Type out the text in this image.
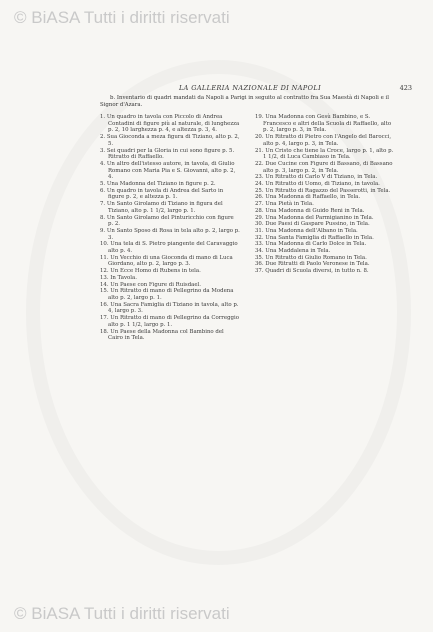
© BiASA Tutti i diritti riservati
LA GALLERIA NAZIONALE DI NAPOLI	423
b. Inventario di quadri mandati da Napoli a Parigi in seguito al contratto fra Sua Maestà di Napoli e il Signor d'Azara.
1. Un quadro in tavola con Piccolo di Andrea Contadini di figure più al naturale, di lunghezza p. 2, 10 larghezza p. 4, e altezza p. 3, 4.
2. Sua Gioconda a meza figura di Tiziano, alto p. 2, 5.
3. Sei quadri per la Gloria in cui sono figure p. 5. Ritratto di Raffaello.
4. Un altro dell'istesso autore, in tavola, di Giulio Romano con Maria Pia e S. Giovanni, alto p. 2, 4.
5. Una Madonna del Tiziano in figure p. 2.
6. Un quadro in tavola di Andrea del Sarto in figure p. 2, e altezza p. 1.
7. Un Santo Girolamo di Tiziano in figura del Tiziano, alto p. 1 1/2, largo p. 1.
8. Un Santo Girolamo del Pinturicchio con figure p. 2.
9. Un Santo Sposo di Rosa in tela alto p. 2, largo p. 3.
10. Una tela di S. Pietro piangente del Caravaggio alto p. 4.
11. Un Vecchio di una Gioconda di mano di Luca Giordano, alto p. 2, largo p. 3.
12. Un Ecce Homo di Rubens in tela.
13. In Tavola.
14. Un Paese con Figure di Ruisdael.
15. Un Ritratto di mano di Pellegrino da Modena alto p. 2, largo p. 1.
16. Una Sacra Famiglia di Tiziano in tavola, alto p. 4, largo p. 3.
17. Un Ritratto di mano di Pellegrino da Correggio alto p. 1 1/2, largo p. 1.
18. Un Paese della Madonna col Bambino del Cairo in Tela.
19. Una Madonna con Gesù Bambino, e S. Francesco e altri della Scuola di Raffaello, alto p. 2, largo p. 3, in Tela.
20. Un Ritratto di Pietro con l'Angelo del Barocci, alto p. 4, largo p. 3, in Tela.
21. Un Cristo che tiene la Croce, largo p. 1, alto p. 1 1/2, di Luca Cambiaso in Tela.
22. Due Cucine con Figure di Bassano, di Bassano alto p. 3, largo p. 2, in Tela.
23. Un Ritratto di Carlo V di Tiziano, in Tela.
24. Un Ritratto di Uomo, di Tiziano, in tavola.
25. Un Ritratto di Ragazzo del Passerotti, in Tela.
26. Una Madonna di Raffaello, in Tela.
27. Una Pietà in Tela.
28. Una Madonna di Guido Reni in Tela.
29. Una Madonna del Parmigianino in Tela.
30. Due Paesi di Gaspare Pussino, in Tela.
31. Una Madonna dell'Albano in Tela.
32. Una Santa Famiglia di Raffaello in Tela.
33. Una Madonna di Carlo Dolce in Tela.
34. Una Maddalena in Tela.
35. Un Ritratto di Giulio Romano in Tela.
36. Due Ritratti di Paolo Veronese in Tela.
37. Quadri di Scuola diversi, in tutto n. 8.
© BiASA Tutti i diritti riservati
